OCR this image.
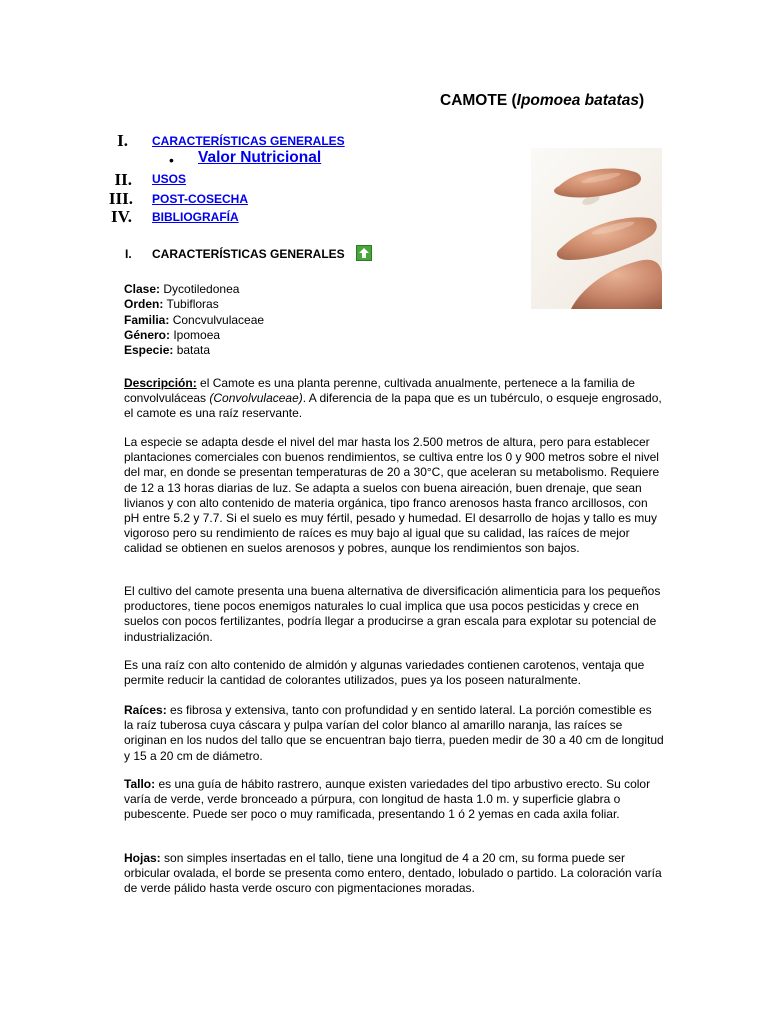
CAMOTE (Ipomoea batatas)
I. CARACTERÍSTICAS GENERALES
• Valor Nutricional
II. USOS
III. POST-COSECHA
IV. BIBLIOGRAFÍA
I. CARACTERÍSTICAS GENERALES
Clase: Dycotiledonea
Orden: Tubifloras
Familia: Concvulvulaceae
Género: Ipomoea
Especie: batata

Descripción: el Camote es una planta perenne, cultivada anualmente, pertenece a la familia de convolvuláceas (Convolvulaceae). A diferencia de la papa que es un tubérculo, o esqueje engrosado, el camote es una raíz reservante.

La especie se adapta desde el nivel del mar hasta los 2.500 metros de altura, pero para establecer plantaciones comerciales con buenos rendimientos, se cultiva entre los 0 y 900 metros sobre el nivel del mar, en donde se presentan temperaturas de 20 a 30°C, que aceleran su metabolismo. Requiere de 12 a 13 horas diarias de luz. Se adapta a suelos con buena aireación, buen drenaje, que sean livianos y con alto contenido de materia orgánica, tipo franco arenosos hasta franco arcillosos, con pH entre 5.2 y 7.7. Si el suelo es muy fértil, pesado y humedad. El desarrollo de hojas y tallo es muy vigoroso pero su rendimiento de raíces es muy bajo al igual que su calidad, las raíces de mejor calidad se obtienen en suelos arenosos y pobres, aunque los rendimientos son bajos.

El cultivo del camote presenta una buena alternativa de diversificación alimenticia para los pequeños productores, tiene pocos enemigos naturales lo cual implica que usa pocos pesticidas y crece en suelos con pocos fertilizantes, podría llegar a producirse a gran escala para explotar su potencial de industrialización.

Es una raíz con alto contenido de almidón y algunas variedades contienen carotenos, ventaja que permite reducir la cantidad de colorantes utilizados, pues ya los poseen naturalmente.

Raíces: es fibrosa y extensiva, tanto con profundidad y en sentido lateral. La porción comestible es la raíz tuberosa cuya cáscara y pulpa varían del color blanco al amarillo naranja, las raíces se originan en los nudos del tallo que se encuentran bajo tierra, pueden medir de 30 a 40 cm de longitud y 15 a 20 cm de diámetro.

Tallo: es una guía de hábito rastrero, aunque existen variedades del tipo arbustivo erecto. Su color varía de verde, verde bronceado a púrpura, con longitud de hasta 1.0 m. y superficie glabra o pubescente. Puede ser poco o muy ramificada, presentando 1 ó 2 yemas en cada axila foliar.

Hojas: son simples insertadas en el tallo, tiene una longitud de 4 a 20 cm, su forma puede ser orbicular ovalada, el borde se presenta como entero, dentado, lobulado o partido. La coloración varía de verde pálido hasta verde oscuro con pigmentaciones moradas.
